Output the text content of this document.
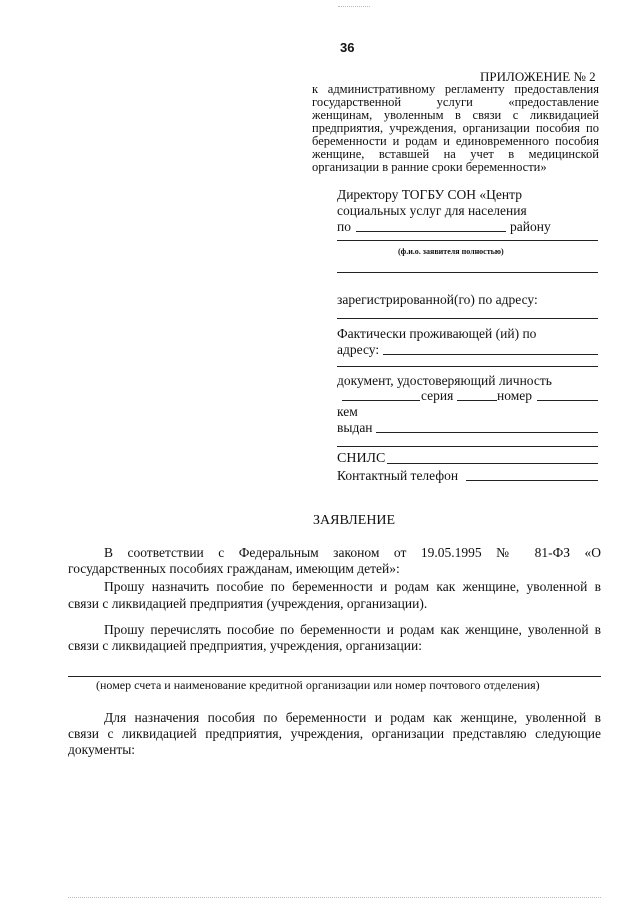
36
ПРИЛОЖЕНИЕ № 2
к административному регламенту предоставления
государственной услуги «предоставление
женщинам, уволенным в связи с ликвидацией
предприятия, учреждения, организации пособия по
беременности и родам и единовременного пособия
женщине, вставшей на учет в медицинской
организации в ранние сроки беременности»
Директору ТОГБУ СОН «Центр
социальных услуг для населения
по	району
(ф.и.о. заявителя полностью)
зарегистрированной(го) по адресу:
Фактически проживающей (ий) по
адресу:
документ, удостоверяющий личность
серия	номер
кем
выдан
СНИЛС
Контактный телефон
ЗАЯВЛЕНИЕ
В соответствии с Федеральным законом от 19.05.1995 № 81-ФЗ «О
государственных пособиях гражданам, имеющим детей»:
Прошу назначить пособие по беременности и родам как женщине, уволенной в
связи с ликвидацией предприятия (учреждения, организации).
Прошу перечислять пособие по беременности и родам как женщине, уволенной в
связи с ликвидацией предприятия, учреждения, организации:
(номер счета и наименование кредитной организации или номер почтового отделения)
Для назначения пособия по беременности и родам как женщине, уволенной в
связи с ликвидацией предприятия, учреждения, организации представляю следующие
документы:
